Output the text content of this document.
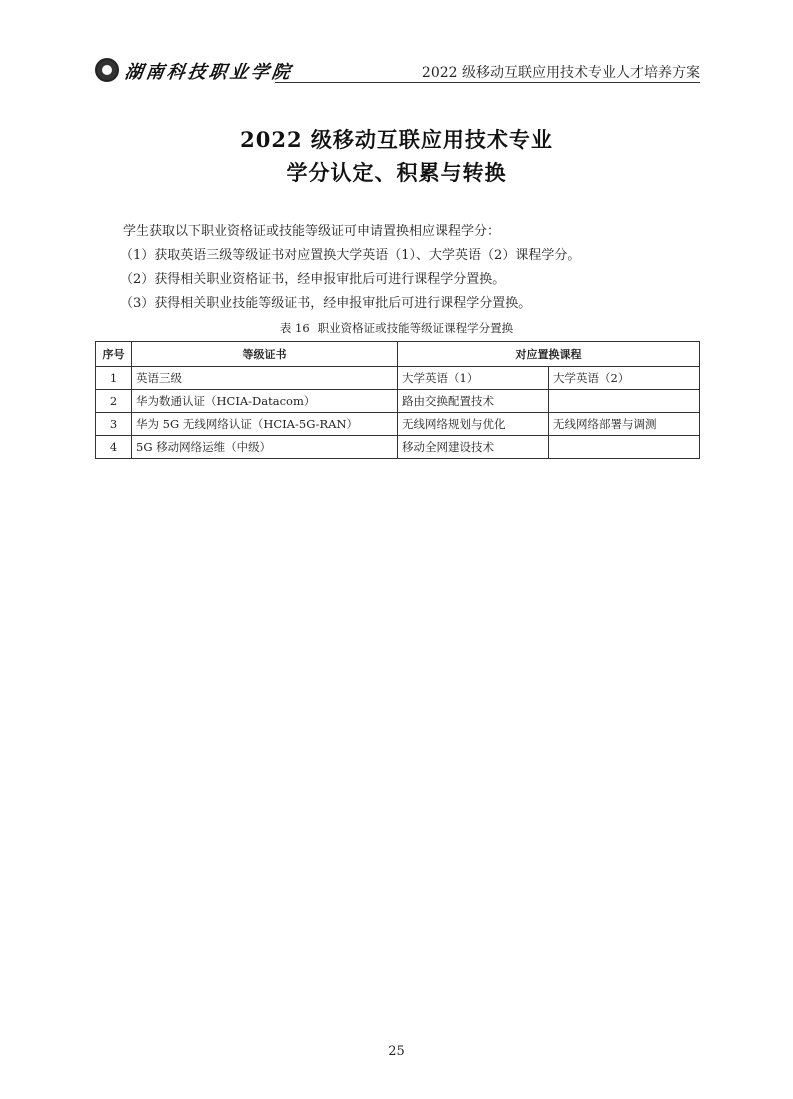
湖南科技职业学院	2022 级移动互联应用技术专业人才培养方案
2022 级移动互联应用技术专业
学分认定、积累与转换
学生获取以下职业资格证或技能等级证可申请置换相应课程学分：
（1）获取英语三级等级证书对应置换大学英语（1）、大学英语（2）课程学分。
（2）获得相关职业资格证书，经申报审批后可进行课程学分置换。
（3）获得相关职业技能等级证书，经申报审批后可进行课程学分置换。
表 16 职业资格证或技能等级证课程学分置换
序号	等级证书	对应置换课程	
1	英语三级	大学英语（1）	大学英语（2）
2	华为数通认证（HCIA-Datacom）	路由交换配置技术	
3	华为 5G 无线网络认证（HCIA-5G-RAN）	无线网络规划与优化	无线网络部署与调测
4	5G 移动网络运维（中级）	移动全网建设技术	
25
